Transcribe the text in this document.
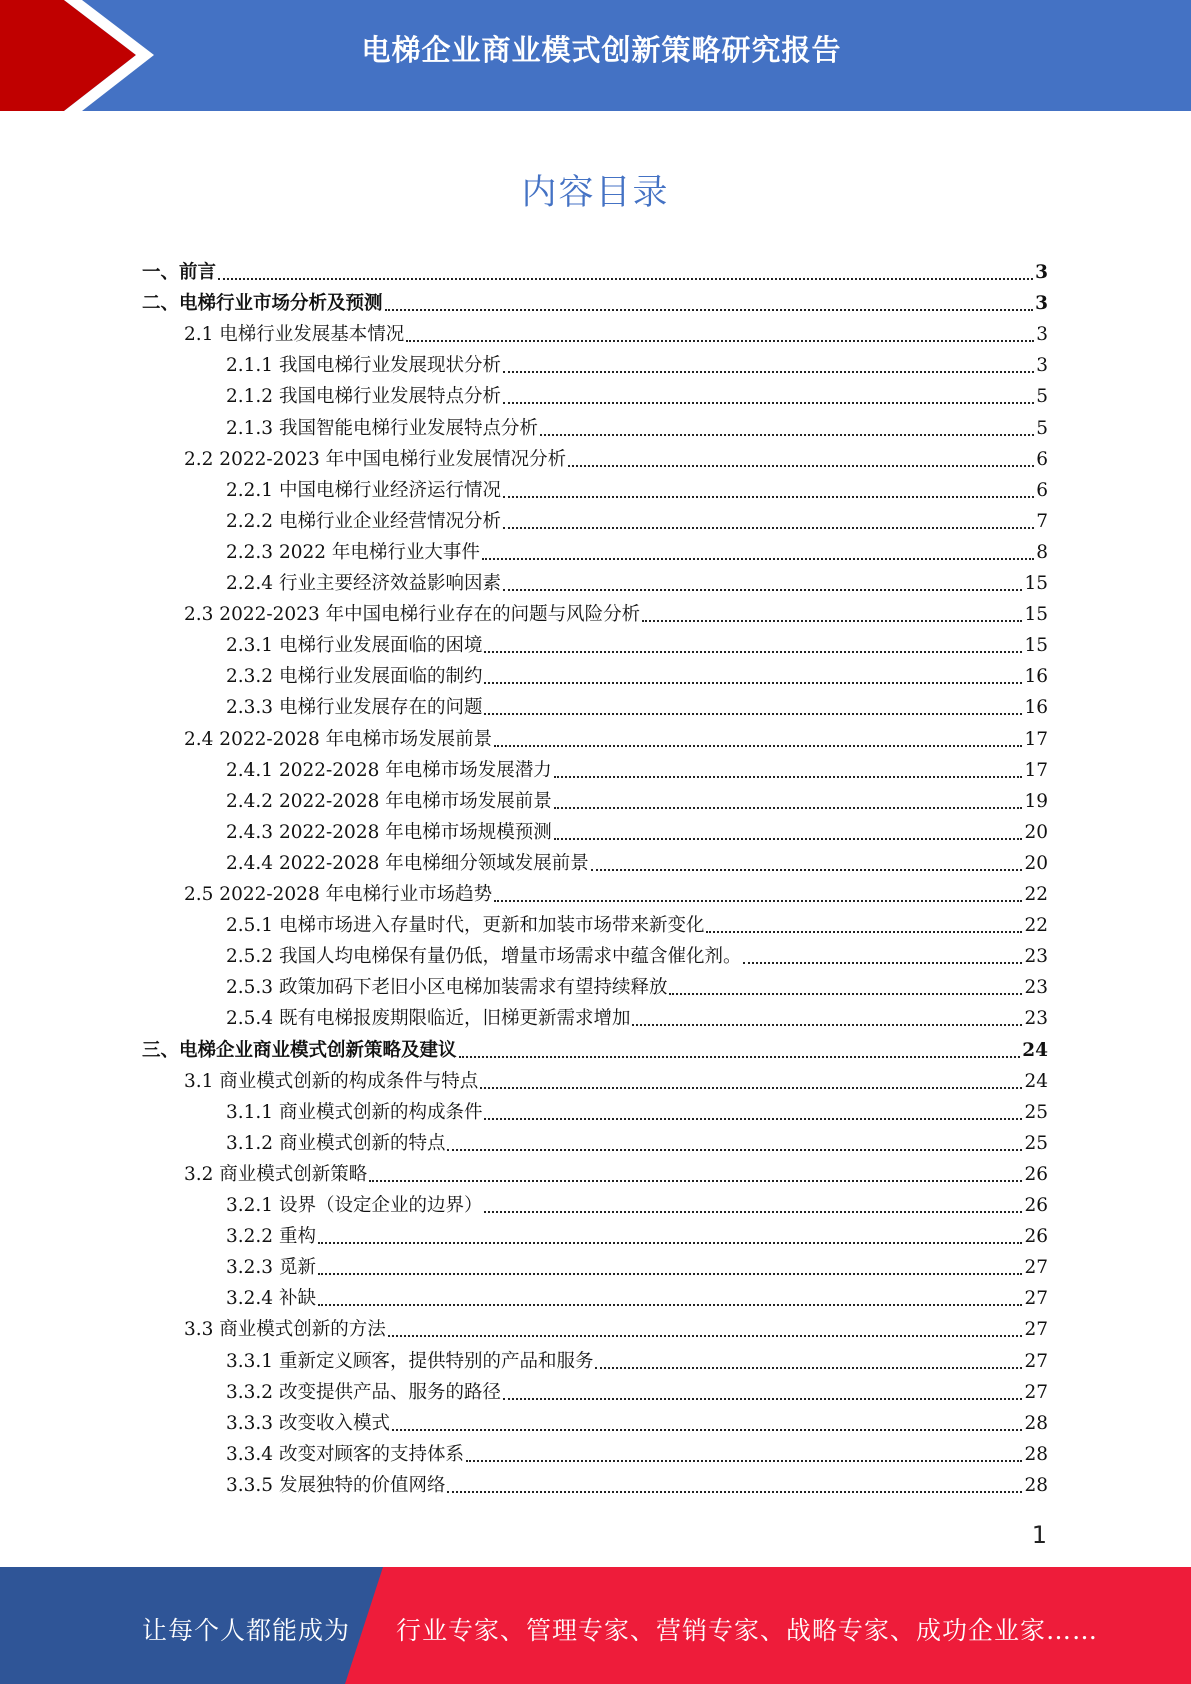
电梯企业商业模式创新策略研究报告
内容目录
一、前言	3
二、电梯行业市场分析及预测	3
2.1 电梯行业发展基本情况	3
2.1.1 我国电梯行业发展现状分析	3
2.1.2 我国电梯行业发展特点分析	5
2.1.3 我国智能电梯行业发展特点分析	5
2.2 2022-2023 年中国电梯行业发展情况分析	6
2.2.1 中国电梯行业经济运行情况	6
2.2.2 电梯行业企业经营情况分析	7
2.2.3 2022 年电梯行业大事件	8
2.2.4 行业主要经济效益影响因素	15
2.3 2022-2023 年中国电梯行业存在的问题与风险分析	15
2.3.1 电梯行业发展面临的困境	15
2.3.2 电梯行业发展面临的制约	16
2.3.3 电梯行业发展存在的问题	16
2.4 2022-2028 年电梯市场发展前景	17
2.4.1 2022-2028 年电梯市场发展潜力	17
2.4.2 2022-2028 年电梯市场发展前景	19
2.4.3 2022-2028 年电梯市场规模预测	20
2.4.4 2022-2028 年电梯细分领域发展前景	20
2.5 2022-2028 年电梯行业市场趋势	22
2.5.1 电梯市场进入存量时代，更新和加装市场带来新变化	22
2.5.2 我国人均电梯保有量仍低，增量市场需求中蕴含催化剂。	23
2.5.3 政策加码下老旧小区电梯加装需求有望持续释放	23
2.5.4 既有电梯报废期限临近，旧梯更新需求增加	23
三、电梯企业商业模式创新策略及建议	24
3.1 商业模式创新的构成条件与特点	24
3.1.1 商业模式创新的构成条件	25
3.1.2 商业模式创新的特点	25
3.2 商业模式创新策略	26
3.2.1 设界（设定企业的边界）	26
3.2.2 重构	26
3.2.3 觅新	27
3.2.4 补缺	27
3.3 商业模式创新的方法	27
3.3.1 重新定义顾客，提供特别的产品和服务	27
3.3.2 改变提供产品、服务的路径	27
3.3.3 改变收入模式	28
3.3.4 改变对顾客的支持体系	28
3.3.5 发展独特的价值网络	28
1
让每个人都能成为 行业专家、管理专家、营销专家、战略专家、成功企业家……
